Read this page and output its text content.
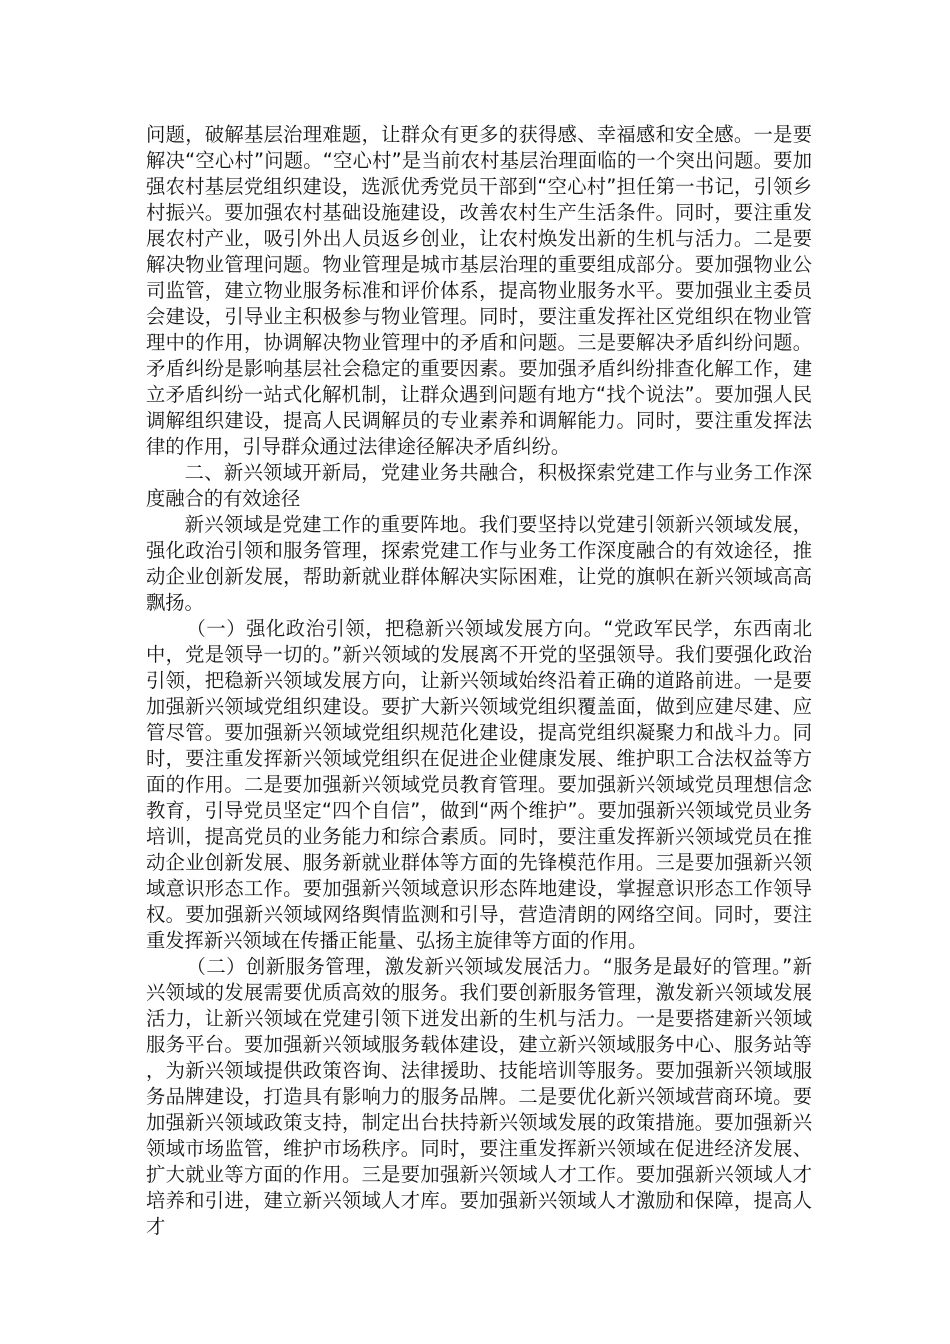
问题，破解基层治理难题，让群众有更多的获得感、幸福感和安全感。一是要解决“空心村”问题。“空心村”是当前农村基层治理面临的一个突出问题。要加强农村基层党组织建设，选派优秀党员干部到“空心村”担任第一书记，引领乡村振兴。要加强农村基础设施建设，改善农村生产生活条件。同时，要注重发展农村产业，吸引外出人员返乡创业，让农村焕发出新的生机与活力。二是要解决物业管理问题。物业管理是城市基层治理的重要组成部分。要加强物业公司监管，建立物业服务标准和评价体系，提高物业服务水平。要加强业主委员会建设，引导业主积极参与物业管理。同时，要注重发挥社区党组织在物业管理中的作用，协调解决物业管理中的矛盾和问题。三是要解决矛盾纠纷问题。矛盾纠纷是影响基层社会稳定的重要因素。要加强矛盾纠纷排查化解工作，建立矛盾纠纷一站式化解机制，让群众遇到问题有地方“找个说法”。要加强人民调解组织建设，提高人民调解员的专业素养和调解能力。同时，要注重发挥法律的作用，引导群众通过法律途径解决矛盾纠纷。

二、新兴领域开新局，党建业务共融合，积极探索党建工作与业务工作深度融合的有效途径

新兴领域是党建工作的重要阵地。我们要坚持以党建引领新兴领域发展，强化政治引领和服务管理，探索党建工作与业务工作深度融合的有效途径，推动企业创新发展，帮助新就业群体解决实际困难，让党的旗帜在新兴领域高高飘扬。

（一）强化政治引领，把稳新兴领域发展方向。“党政军民学，东西南北中，党是领导一切的。”新兴领域的发展离不开党的坚强领导。我们要强化政治引领，把稳新兴领域发展方向，让新兴领域始终沿着正确的道路前进。一是要加强新兴领域党组织建设。要扩大新兴领域党组织覆盖面，做到应建尽建、应管尽管。要加强新兴领域党组织规范化建设，提高党组织凝聚力和战斗力。同时，要注重发挥新兴领域党组织在促进企业健康发展、维护职工合法权益等方面的作用。二是要加强新兴领域党员教育管理。要加强新兴领域党员理想信念教育，引导党员坚定“四个自信”，做到“两个维护”。要加强新兴领域党员业务培训，提高党员的业务能力和综合素质。同时，要注重发挥新兴领域党员在推动企业创新发展、服务新就业群体等方面的先锋模范作用。三是要加强新兴领域意识形态工作。要加强新兴领域意识形态阵地建设，掌握意识形态工作领导权。要加强新兴领域网络舆情监测和引导，营造清朗的网络空间。同时，要注重发挥新兴领域在传播正能量、弘扬主旋律等方面的作用。

（二）创新服务管理，激发新兴领域发展活力。“服务是最好的管理。”新兴领域的发展需要优质高效的服务。我们要创新服务管理，激发新兴领域发展活力，让新兴领域在党建引领下迸发出新的生机与活力。一是要搭建新兴领域服务平台。要加强新兴领域服务载体建设，建立新兴领域服务中心、服务站等，为新兴领域提供政策咨询、法律援助、技能培训等服务。要加强新兴领域服务品牌建设，打造具有影响力的服务品牌。二是要优化新兴领域营商环境。要加强新兴领域政策支持，制定出台扶持新兴领域发展的政策措施。要加强新兴领域市场监管，维护市场秩序。同时，要注重发挥新兴领域在促进经济发展、扩大就业等方面的作用。三是要加强新兴领域人才工作。要加强新兴领域人才培养和引进，建立新兴领域人才库。要加强新兴领域人才激励和保障，提高人才
